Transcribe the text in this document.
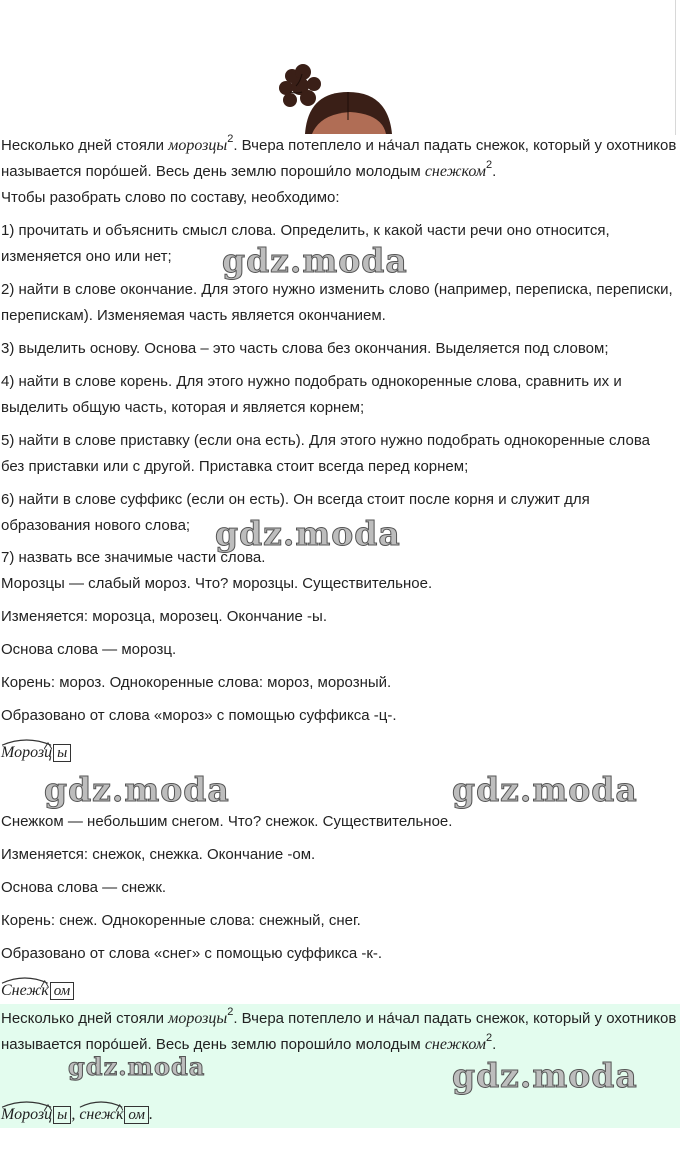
Несколько дней стояли морозцы$^2$. Вчера потеплело и на́чал падать снежок, который у охотников называется поро́шей. Весь день землю пороши́ло молодым снежком$^2$.

Чтобы разобрать слово по составу, необходимо:

1) прочитать и объяснить смысл слова. Определить, к какой части речи оно относится, изменяется оно или нет;

2) найти в слове окончание. Для этого нужно изменить слово (например, переписка, переписки, перепискам). Изменяемая часть является окончанием.

3) выделить основу. Основа – это часть слова без окончания. Выделяется под словом;

4) найти в слове корень. Для этого нужно подобрать однокоренные слова, сравнить их и выделить общую часть, которая и является корнем;

5) найти в слове приставку (если она есть). Для этого нужно подобрать однокоренные слова без приставки или с другой. Приставка стоит всегда перед корнем;

6) найти в слове суффикс (если он есть). Он всегда стоит после корня и служит для образования нового слова;

7) назвать все значимые части слова.

Морозцы — слабый мороз. Что? морозцы. Существительное.

Изменяется: морозца, морозец. Окончание -ы.

Основа слова — морозц.

Корень: мороз. Однокоренные слова: мороз, морозный.

Образовано от слова «мороз» с помощью суффикса -ц-.

Мороз
ц ы

Снежком — небольшим снегом. Что? снежок. Существительное.

Изменяется: снежок, снежка. Окончание -ом.

Основа слова — снежк.

Корень: снеж. Однокоренные слова: снежный, снег.

Образовано от слова «снег» с помощью суффикса -к-.

Снеж
к ом

Несколько дней стояли морозцы$^2$. Вчера потеплело и на́чал падать снежок, который у охотников называется поро́шей. Весь день землю пороши́ло молодым снежком$^2$.

Мороз
ц ы , снеж
к ом .
gdz.moda
gdz.moda
gdz.moda	gdz.moda
gdz.moda	gdz.moda
